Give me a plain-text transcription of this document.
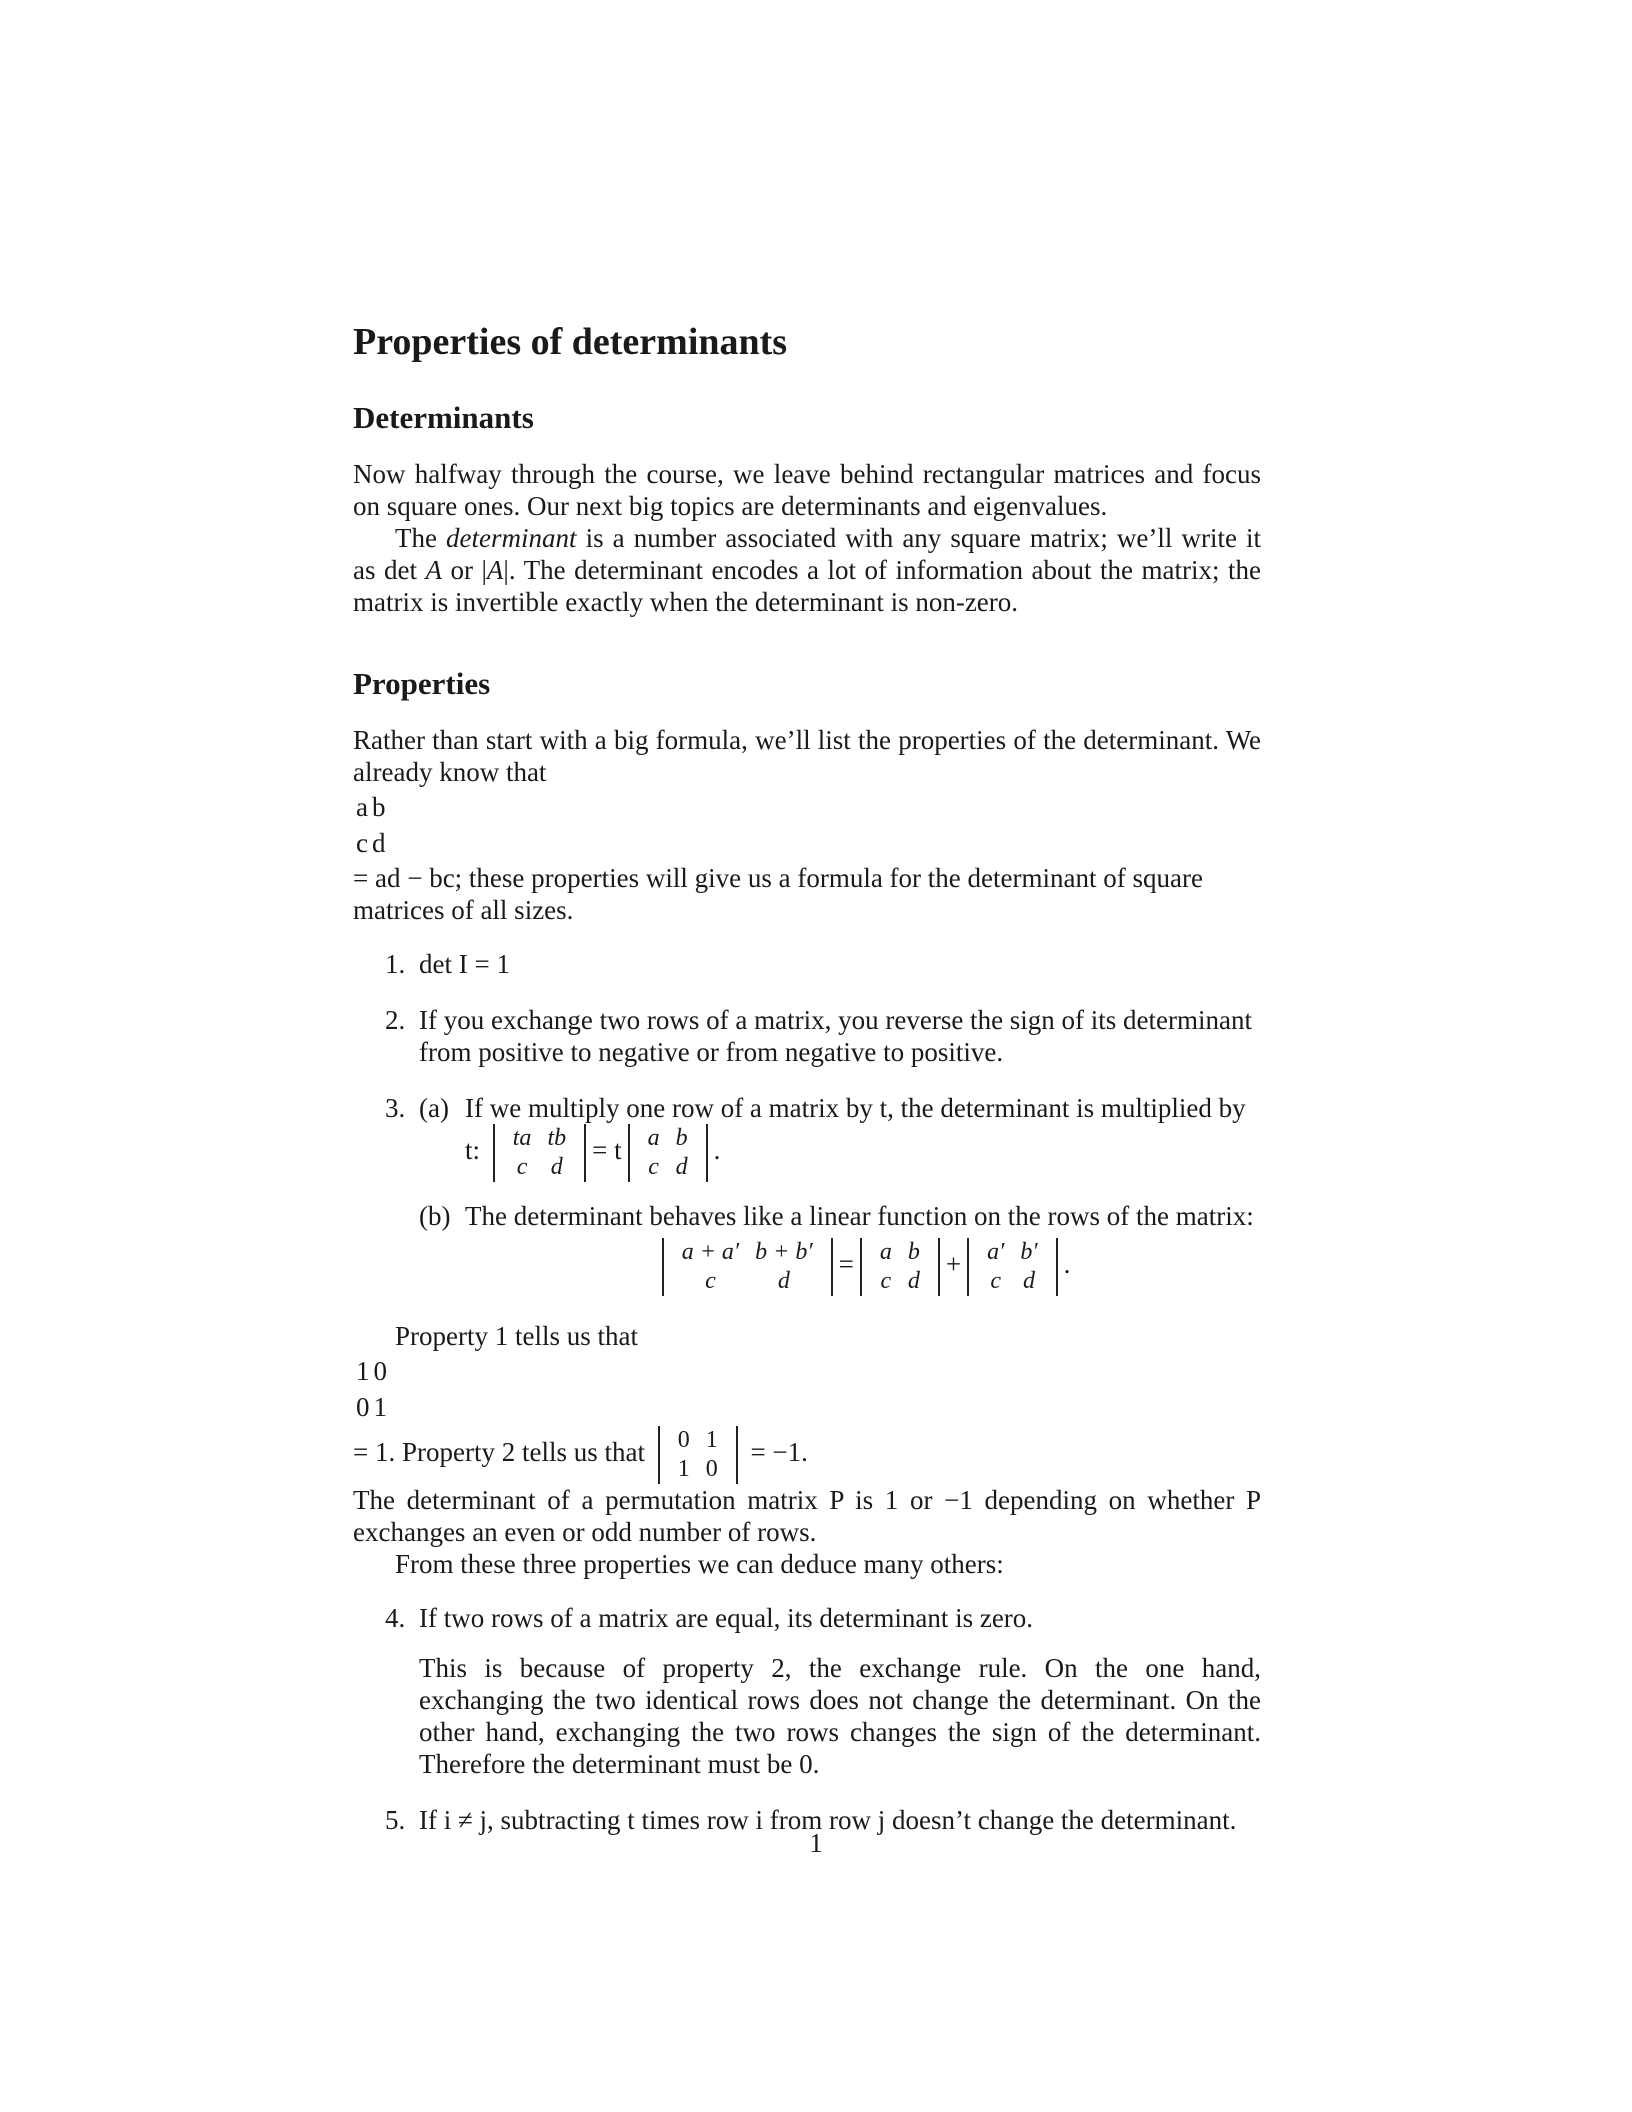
Properties of determinants
Determinants

Now halfway through the course, we leave behind rectangular matrices and focus on square ones. Our next big topics are determinants and eigenvalues.

The determinant is a number associated with any square matrix; we’ll write it as det A or |A|. The determinant encodes a lot of information about the matrix; the matrix is invertible exactly when the determinant is non-zero.

Properties

Rather than start with a big formula, we’ll list the properties of the determinant. We already know that

a	b
c	d
= ad − bc; these properties will give us a formula for the determinant of square matrices of all sizes.

1. det I = 1
2. If you exchange two rows of a matrix, you reverse the sign of its determinant from positive to negative or from negative to positive.
3. (a) If we multiply one row of a matrix by t, the determinant is multiplied by t: ta	tb
c	d
= t a	b
c	d
.
(b) The determinant behaves like a linear function on the rows of the matrix:
a + a′	b + b′
c	d
= a	b
c	d
+ a′	b′
c	d
.

Property 1 tells us that

1	0
0	1
= 1. Property 2 tells us that 0	1
1	0
= −1.

The determinant of a permutation matrix P is 1 or −1 depending on whether P exchanges an even or odd number of rows.

From these three properties we can deduce many others:

4. If two rows of a matrix are equal, its determinant is zero.

This is because of property 2, the exchange rule. On the one hand, exchanging the two identical rows does not change the determinant. On the other hand, exchanging the two rows changes the sign of the determinant. Therefore the determinant must be 0.

5. If i ≠ j, subtracting t times row i from row j doesn’t change the determinant.
1
